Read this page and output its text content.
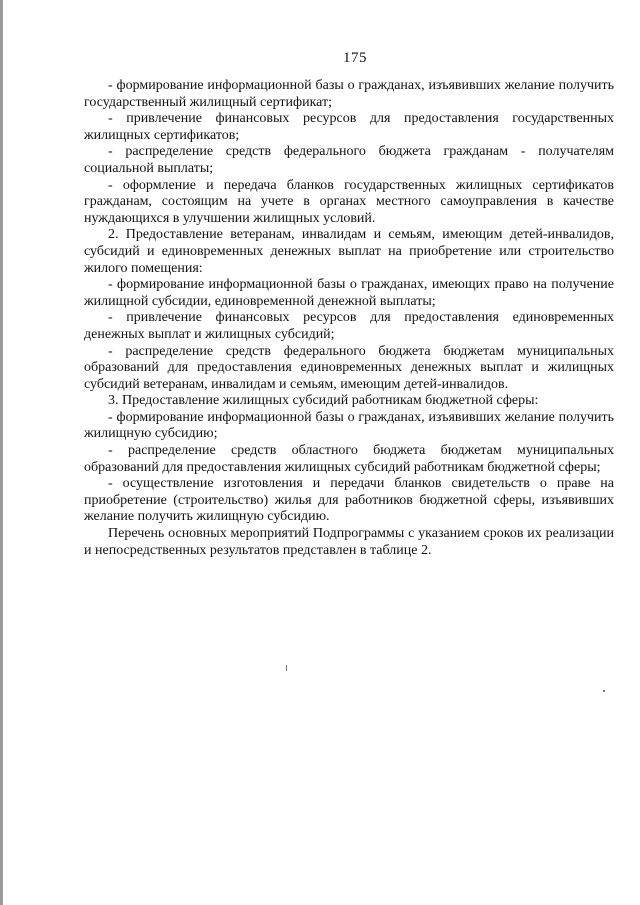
175

- формирование информационной базы о гражданах, изъявивших желание получить государственный жилищный сертификат;

- привлечение финансовых ресурсов для предоставления государственных жилищных сертификатов;

- распределение средств федерального бюджета гражданам - получателям социальной выплаты;

- оформление и передача бланков государственных жилищных сертификатов гражданам, состоящим на учете в органах местного самоуправления в качестве нуждающихся в улучшении жилищных условий.

2. Предоставление ветеранам, инвалидам и семьям, имеющим детей-инвалидов, субсидий и единовременных денежных выплат на приобретение или строительство жилого помещения:

- формирование информационной базы о гражданах, имеющих право на получение жилищной субсидии, единовременной денежной выплаты;

- привлечение финансовых ресурсов для предоставления единовременных денежных выплат и жилищных субсидий;

- распределение средств федерального бюджета бюджетам муниципальных образований для предоставления единовременных денежных выплат и жилищных субсидий ветеранам, инвалидам и семьям, имеющим детей-инвалидов.

3. Предоставление жилищных субсидий работникам бюджетной сферы:

- формирование информационной базы о гражданах, изъявивших желание получить жилищную субсидию;

- распределение средств областного бюджета бюджетам муниципальных образований для предоставления жилищных субсидий работникам бюджетной сферы;

- осуществление изготовления и передачи бланков свидетельств о праве на приобретение (строительство) жилья для работников бюджетной сферы, изъявивших желание получить жилищную субсидию.

Перечень основных мероприятий Подпрограммы с указанием сроков их реализации и непосредственных результатов представлен в таблице 2.
